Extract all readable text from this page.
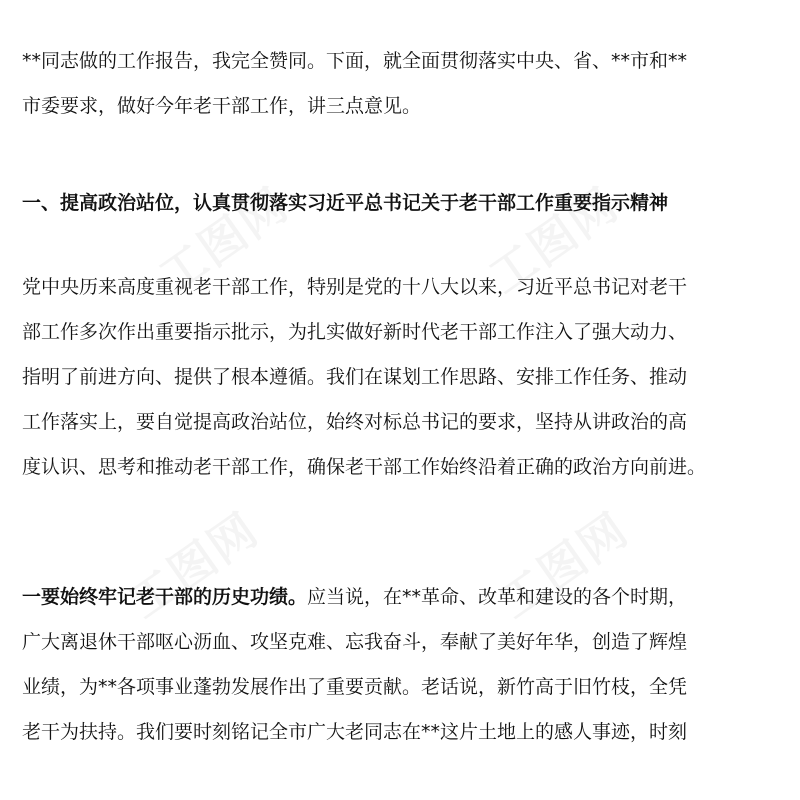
**同志做的工作报告，我完全赞同。下面，就全面贯彻落实中央、省、**市和**
市委要求，做好今年老干部工作，讲三点意见。

一、提高政治站位，认真贯彻落实习近平总书记关于老干部工作重要指示精神

党中央历来高度重视老干部工作，特别是党的十八大以来，习近平总书记对老干
部工作多次作出重要指示批示，为扎实做好新时代老干部工作注入了强大动力、
指明了前进方向、提供了根本遵循。我们在谋划工作思路、安排工作任务、推动
工作落实上，要自觉提高政治站位，始终对标总书记的要求，坚持从讲政治的高
度认识、思考和推动老干部工作，确保老干部工作始终沿着正确的政治方向前进。

一要始终牢记老干部的历史功绩。应当说，在**革命、改革和建设的各个时期，
广大离退休干部呕心沥血、攻坚克难、忘我奋斗，奉献了美好年华，创造了辉煌
业绩，为**各项事业蓬勃发展作出了重要贡献。老话说，新竹高于旧竹枝，全凭
老干为扶持。我们要时刻铭记全市广大老同志在**这片土地上的感人事迹，时刻
